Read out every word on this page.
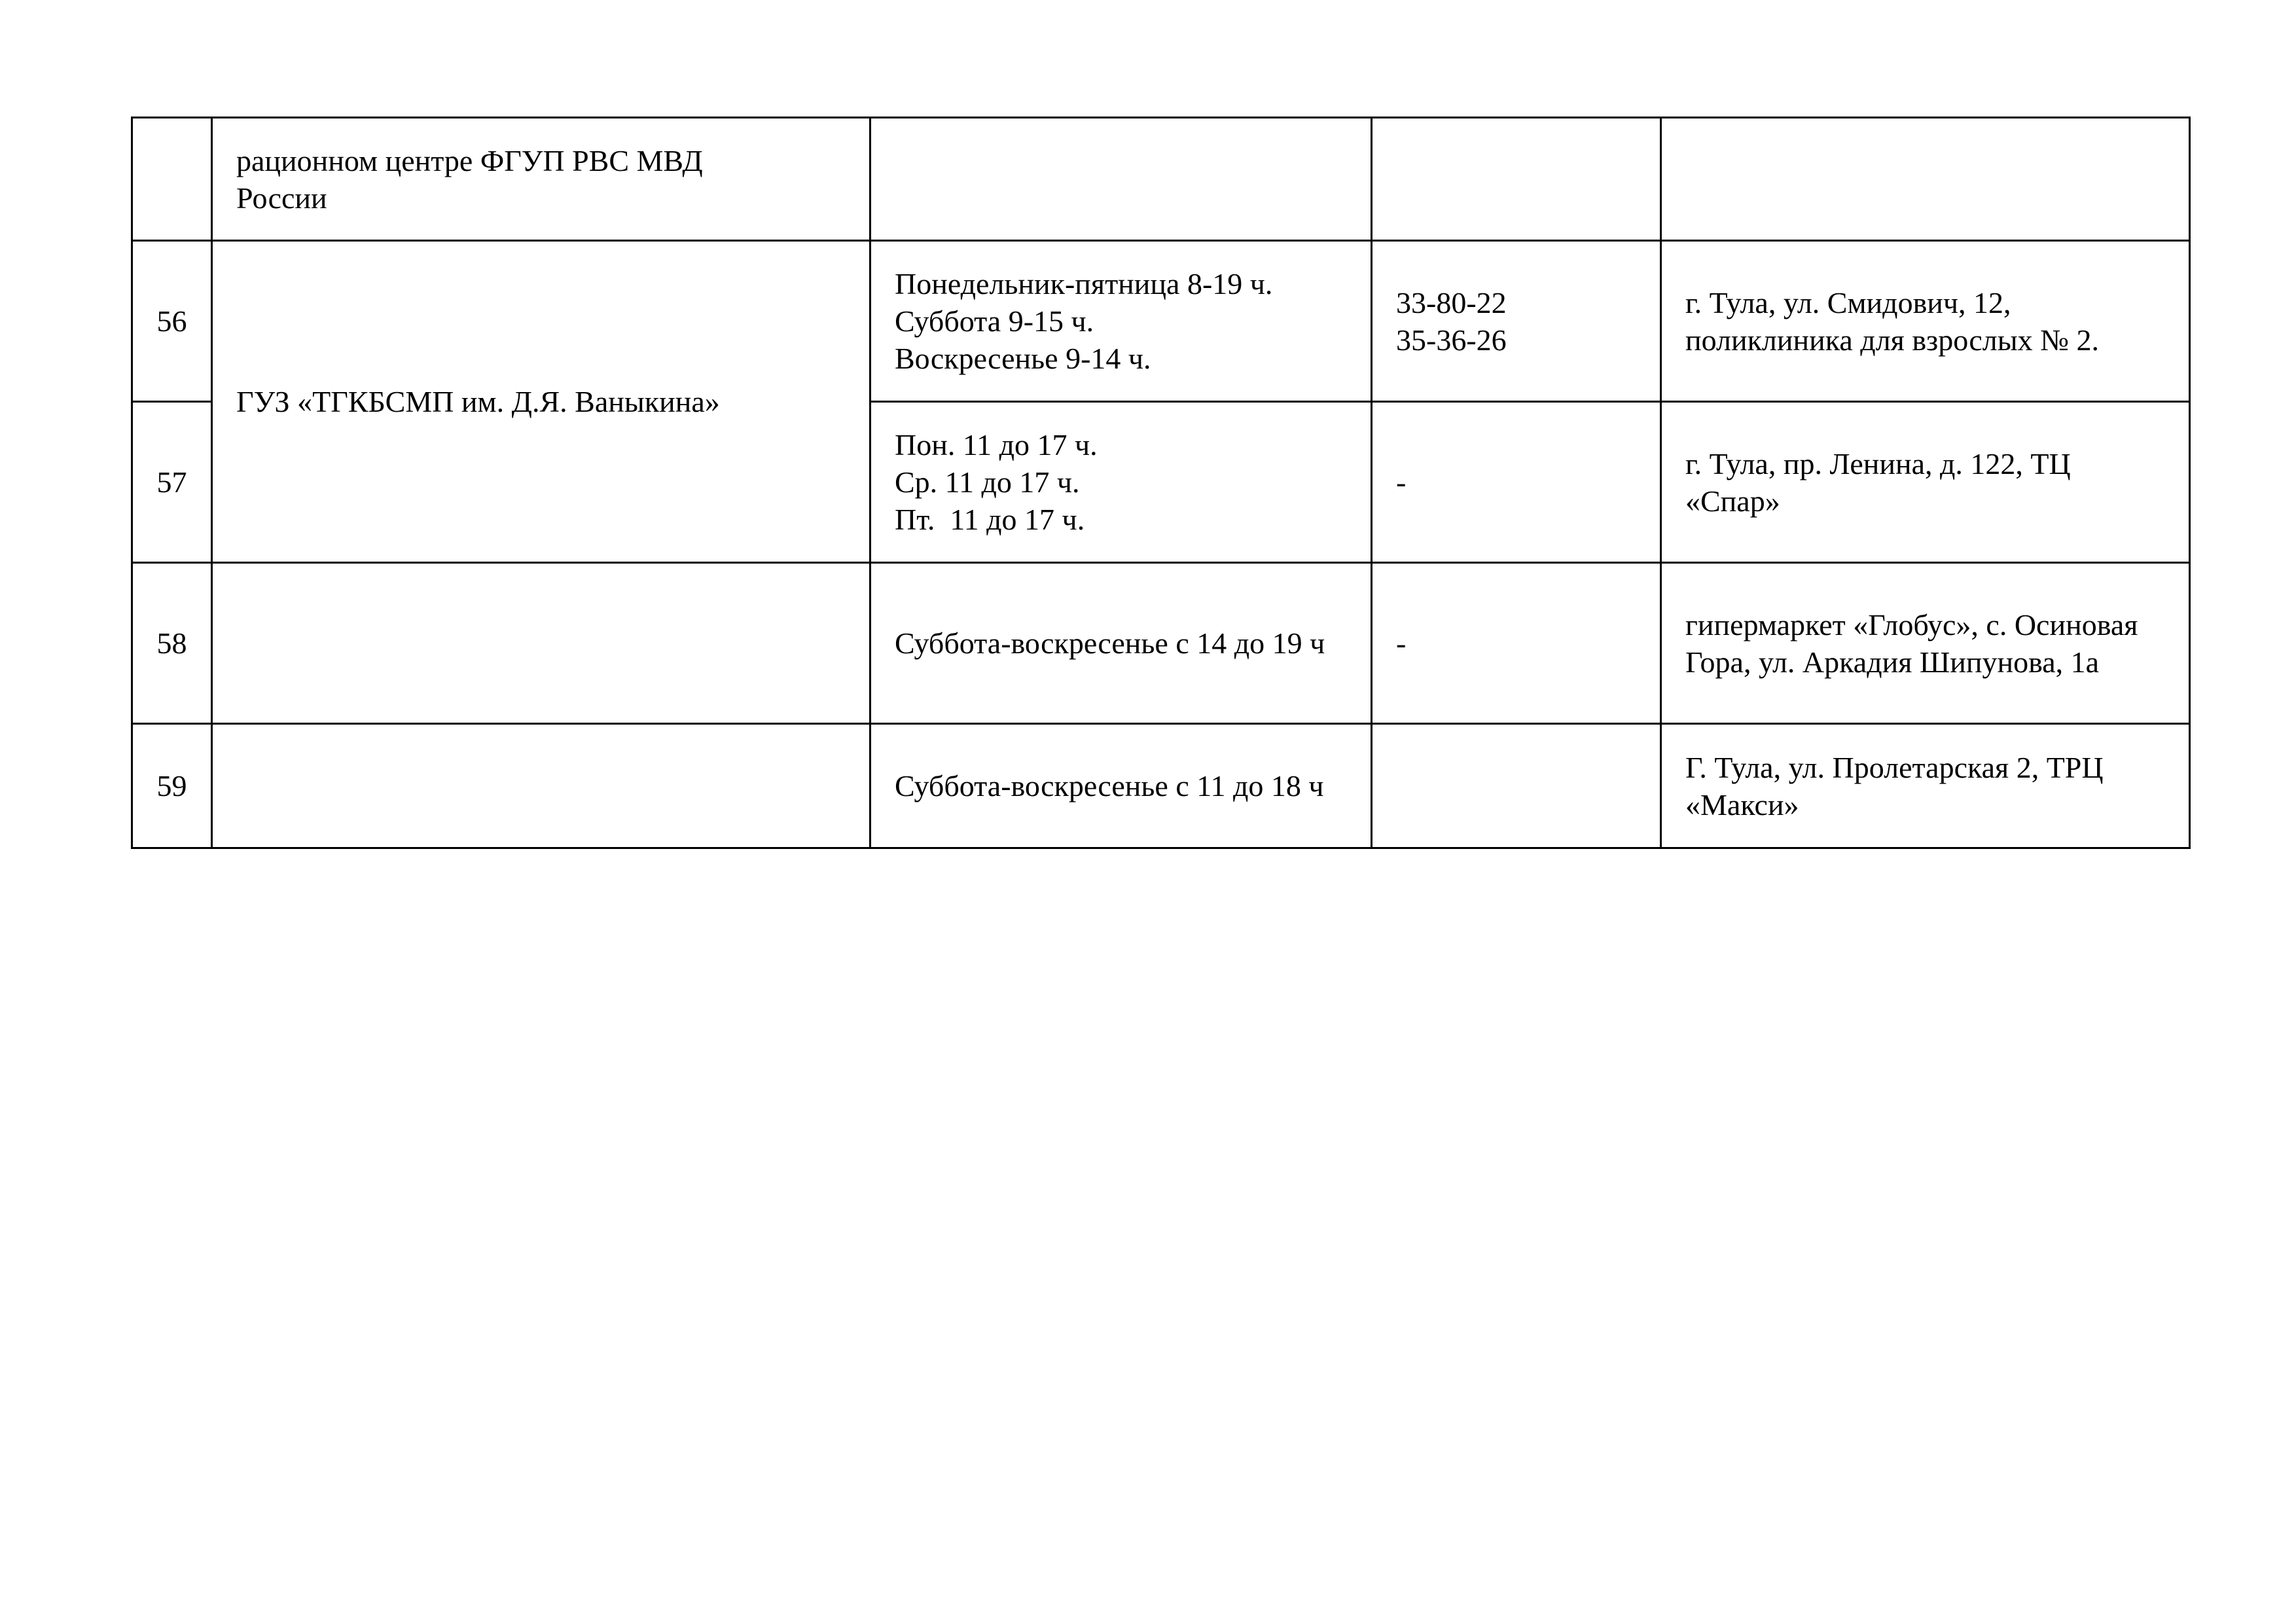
	рационном центре ФГУП РВС МВД России			

56	ГУЗ «ТГКБСМП им. Д.Я. Ваныкина»	Понедельник-пятница 8-19 ч.
Суббота 9-15 ч.
Воскресенье 9-14 ч.	33-80-22
35-36-26	г. Тула, ул. Смидович, 12, поликлиника для взрослых № 2.

57		Пон. 11 до 17 ч.
Ср. 11 до 17 ч.
Пт.  11 до 17 ч.	-	г. Тула, пр. Ленина, д. 122, ТЦ «Спар»

58		Суббота-воскресенье с 14 до 19 ч	-	гипермаркет «Глобус», с. Осиновая Гора, ул. Аркадия Шипунова, 1а

59		Суббота-воскресенье с 11 до 18 ч		Г. Тула, ул. Пролетарская 2, ТРЦ «Макси»
